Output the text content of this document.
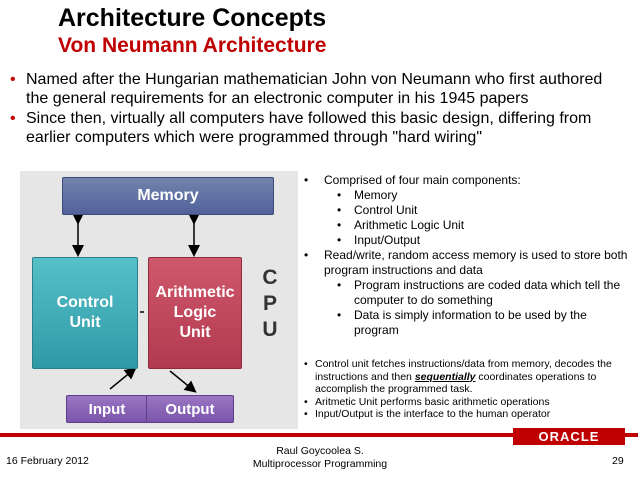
Architecture Concepts
Von Neumann Architecture
• Named after the Hungarian mathematician John von Neumann who first authored the general requirements for an electronic computer in his 1945 papers
• Since then, virtually all computers have followed this basic design, differing from earlier computers which were programmed through "hard wiring"
Memory
Control
Unit
Arithmetic
Logic
Unit
C
P
U
Input	Output
• Comprised of four main components:
• Memory
• Control Unit
• Arithmetic Logic Unit
• Input/Output
• Read/write, random access memory is used to store both program instructions and data
• Program instructions are coded data which tell the computer to do something
• Data is simply information to be used by the program
• Control unit fetches instructions/data from memory, decodes the instructions and then sequentially coordinates operations to accomplish the programmed task.
• Aritmetic Unit performs basic arithmetic operations
• Input/Output is the interface to the human operator
ORACLE
16 February 2012
Raul Goycoolea S.
Multiprocessor Programming	29
